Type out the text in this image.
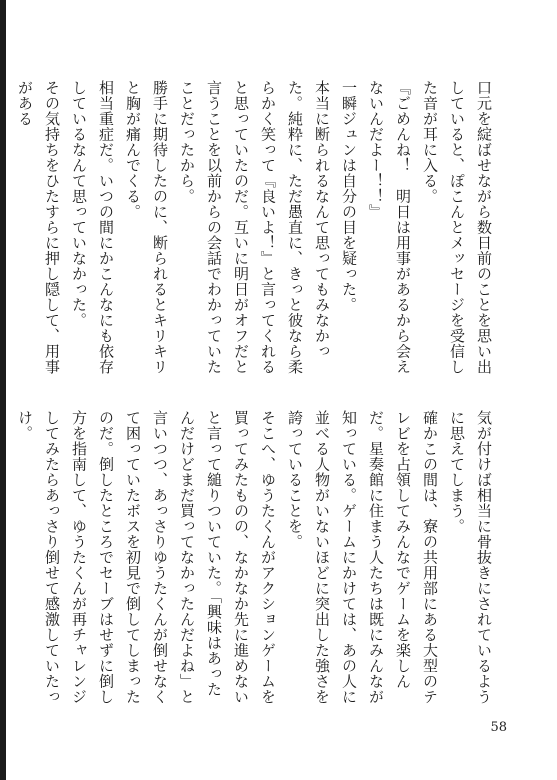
口元を綻ばせながら数日前のことを思い出していると、ぽこんとメッセージを受信した音が耳に入る。
『ごめんね！　明日は用事があるから会えないんだよー！！』
一瞬ジュンは自分の目を疑った。
本当に断られるなんて思ってもみなかった。純粋に、ただ愚直に、きっと彼なら柔らかく笑って『良いよ！』と言ってくれると思っていたのだ。互いに明日がオフだと言うことを以前からの会話でわかっていたことだったから。
勝手に期待したのに、断られるとキリキリと胸が痛んでくる。
相当重症だ。いつの間にかこんなにも依存しているなんて思っていなかった。
その気持ちをひたすらに押し隠して、用事がある

気が付けば相当に骨抜きにされているように思えてしまう。
確かこの間は、寮の共用部にある大型のテレビを占領してみんなでゲームを楽しんだ。星奏館に住まう人たちは既にみんなが知っている。ゲームにかけては、あの人に並べる人物がいないほどに突出した強さを誇っていることを。
そこへ、ゆうたくんがアクションゲームを買ってみたものの、なかなか先に進めないと言って縋りついていた。「興味はあったんだけどまだ買ってなかったんだよね」と言いつつ、あっさりゆうたくんが倒せなくて困っていたボスを初見で倒してしまったのだ。倒したところでセーブはせずに倒し方を指南して、ゆうたくんが再チャレンジしてみたらあっさり倒せて感激していたっけ。

58
